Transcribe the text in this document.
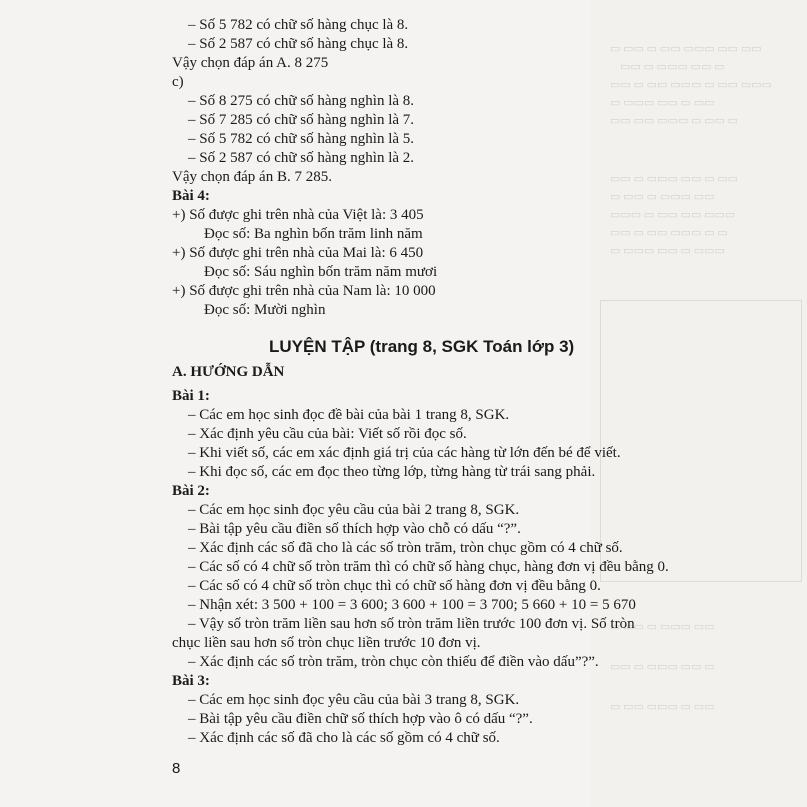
▭ ▭▭ ▭ ▭▭ ▭▭▭ ▭▭ ▭▭
▭▭ ▭ ▭▭▭ ▭▭ ▭
▭▭ ▭ ▭▭ ▭▭▭ ▭ ▭▭ ▭▭▭
▭ ▭▭▭ ▭▭ ▭ ▭▭
▭▭ ▭▭ ▭▭▭ ▭ ▭▭ ▭
▭▭ ▭ ▭▭▭ ▭▭ ▭ ▭▭
▭ ▭▭ ▭ ▭▭▭ ▭▭
▭▭▭ ▭ ▭▭ ▭▭ ▭▭▭
▭▭ ▭ ▭▭ ▭▭▭ ▭ ▭
▭ ▭▭▭ ▭▭ ▭ ▭▭▭
▭ ▭▭ ▭ ▭▭▭ ▭▭
▭▭ ▭ ▭▭▭ ▭▭ ▭
▭ ▭▭ ▭▭▭ ▭ ▭▭
– Số 5 782 có chữ số hàng chục là 8.
– Số 2 587 có chữ số hàng chục là 8.
Vậy chọn đáp án A. 8 275
c)
– Số 8 275 có chữ số hàng nghìn là 8.
– Số 7 285 có chữ số hàng nghìn là 7.
– Số 5 782 có chữ số hàng nghìn là 5.
– Số 2 587 có chữ số hàng nghìn là 2.
Vậy chọn đáp án B. 7 285.
Bài 4:
+) Số được ghi trên nhà của Việt là: 3 405
Đọc số: Ba nghìn bốn trăm linh năm
+) Số được ghi trên nhà của Mai là: 6 450
Đọc số: Sáu nghìn bốn trăm năm mươi
+) Số được ghi trên nhà của Nam là: 10 000
Đọc số: Mười nghìn
LUYỆN TẬP (trang 8, SGK Toán lớp 3)
A. HƯỚNG DẪN
Bài 1:
– Các em học sinh đọc đề bài của bài 1 trang 8, SGK.
– Xác định yêu cầu của bài: Viết số rồi đọc số.
– Khi viết số, các em xác định giá trị của các hàng từ lớn đến bé để viết.
– Khi đọc số, các em đọc theo từng lớp, từng hàng từ trái sang phải.
Bài 2:
– Các em học sinh đọc yêu cầu của bài 2 trang 8, SGK.
– Bài tập yêu cầu điền số thích hợp vào chỗ có dấu “?”.
– Xác định các số đã cho là các số tròn trăm, tròn chục gồm có 4 chữ số.
– Các số có 4 chữ số tròn trăm thì có chữ số hàng chục, hàng đơn vị đều bằng 0.
– Các số có 4 chữ số tròn chục thì có chữ số hàng đơn vị đều bằng 0.
– Nhận xét: 3 500 + 100 = 3 600; 3 600 + 100 = 3 700; 5 660 + 10 = 5 670
– Vậy số tròn trăm liền sau hơn số tròn trăm liền trước 100 đơn vị. Số tròn
chục liền sau hơn số tròn chục liền trước 10 đơn vị.
– Xác định các số tròn trăm, tròn chục còn thiếu để điền vào dấu”?”.
Bài 3:
– Các em học sinh đọc yêu cầu của bài 3 trang 8, SGK.
– Bài tập yêu cầu điền chữ số thích hợp vào ô có dấu “?”.
– Xác định các số đã cho là các số gồm có 4 chữ số.
8
